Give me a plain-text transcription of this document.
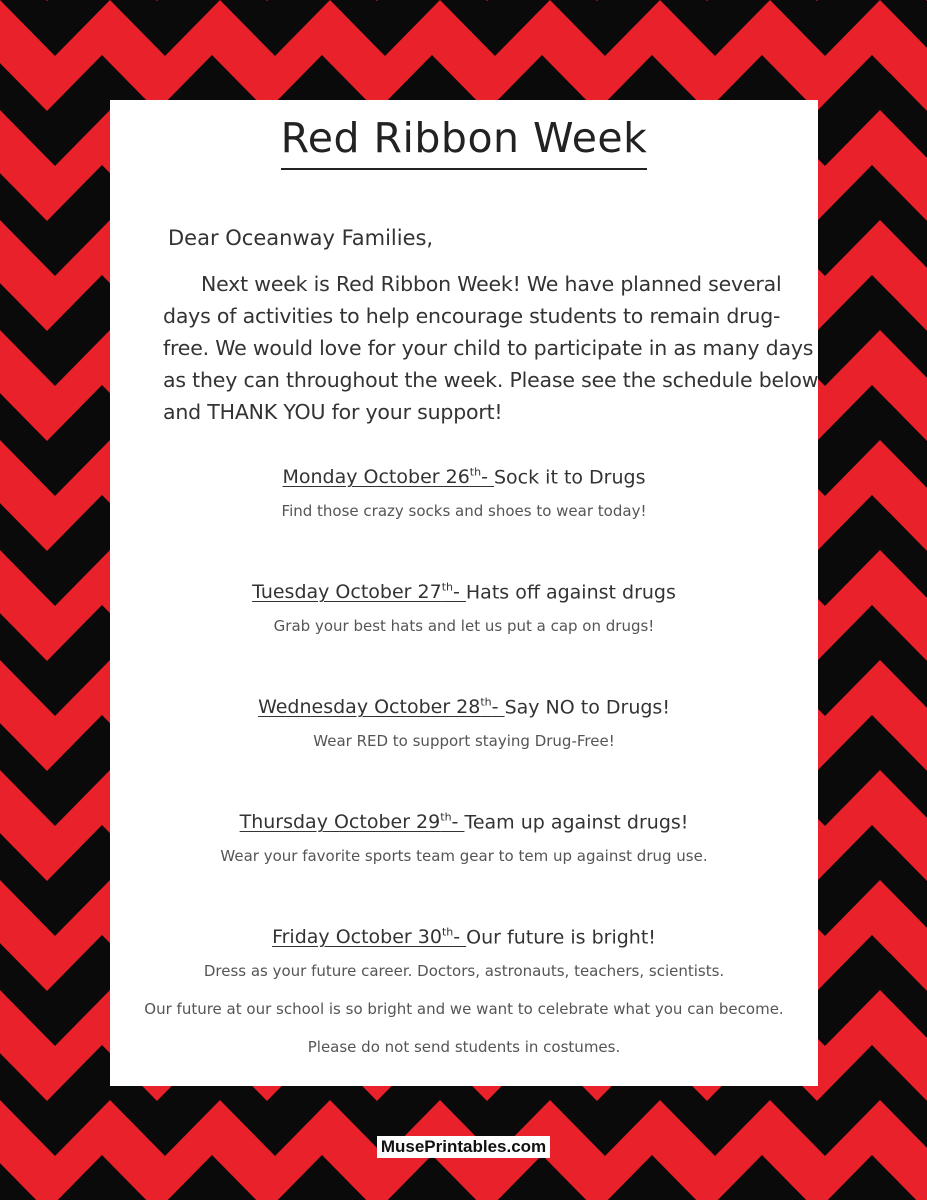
Red Ribbon Week
Dear Oceanway Families,
Next week is Red Ribbon Week! We have planned several days of activities to help encourage students to remain drug-free. We would love for your child to participate in as many days as they can throughout the week. Please see the schedule below and THANK YOU for your support!
Monday October 26th- Sock it to Drugs
Find those crazy socks and shoes to wear today!
Tuesday October 27th- Hats off against drugs
Grab your best hats and let us put a cap on drugs!
Wednesday October 28th- Say NO to Drugs!
Wear RED to support staying Drug-Free!
Thursday October 29th- Team up against drugs!
Wear your favorite sports team gear to tem up against drug use.
Friday October 30th- Our future is bright!
Dress as your future career. Doctors, astronauts, teachers, scientists.
Our future at our school is so bright and we want to celebrate what you can become.
Please do not send students in costumes.
MusePrintables.com
